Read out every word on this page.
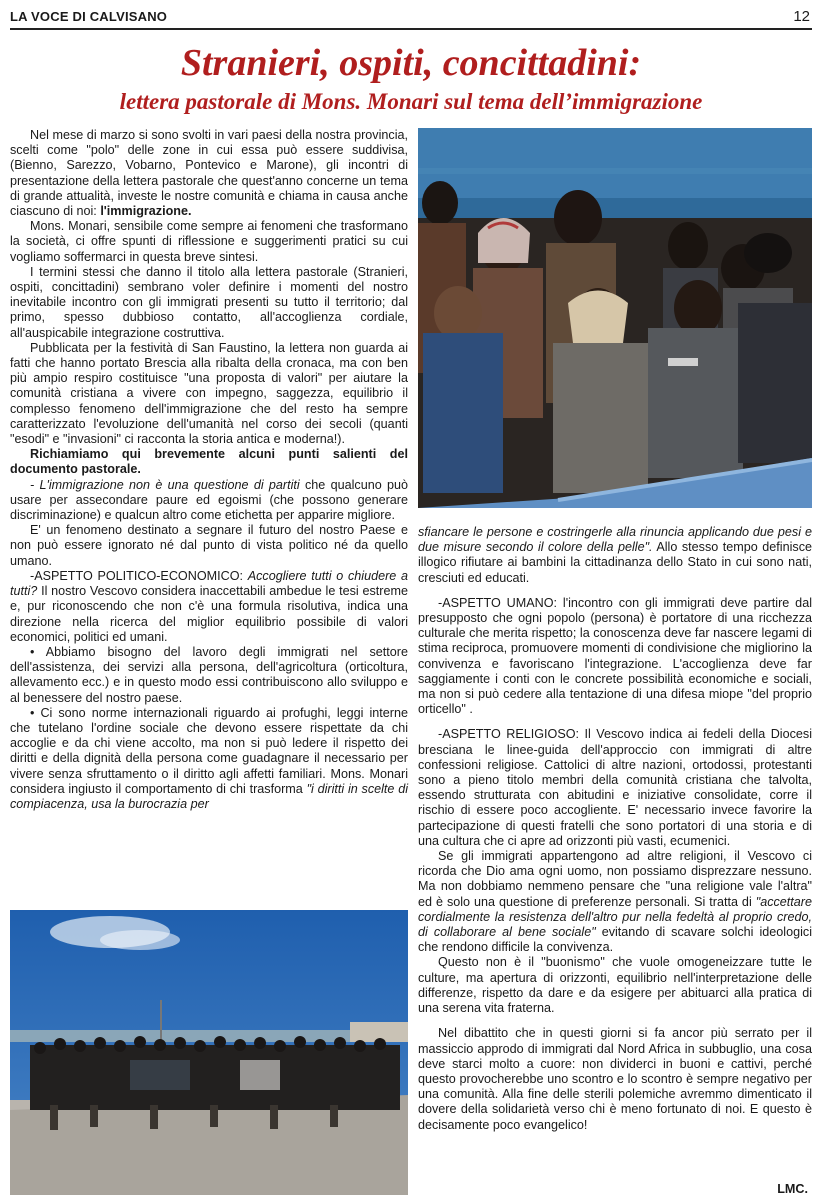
LA VOCE DI CALVISANO	12
Stranieri, ospiti, concittadini:
lettera pastorale di Mons. Monari sul tema dell’immigrazione

Nel mese di marzo si sono svolti in vari paesi della nostra provincia, scelti come "polo" delle zone in cui essa può essere suddivisa, (Bienno, Sarezzo, Vobarno, Pontevico e Marone), gli incontri di presentazione della lettera pastorale che quest'anno concerne un tema di grande attualità, investe le nostre comunità e chiama in causa anche ciascuno di noi: l'immigrazione.

Mons. Monari, sensibile come sempre ai fenomeni che trasformano la società, ci offre spunti di riflessione e suggerimenti pratici su cui vogliamo soffermarci in questa breve sintesi.

I termini stessi che danno il titolo alla lettera pastorale (Stranieri, ospiti, concittadini) sembrano voler definire i momenti del nostro inevitabile incontro con gli immigrati presenti su tutto il territorio; dal primo, spesso dubbioso contatto, all'accoglienza cordiale, all'auspicabile integrazione costruttiva.

Pubblicata per la festività di San Faustino, la lettera non guarda ai fatti che hanno portato Brescia alla ribalta della cronaca, ma con ben più ampio respiro costituisce "una proposta di valori" per aiutare la comunità cristiana a vivere con impegno, saggezza, equilibrio il complesso fenomeno dell'immigrazione che del resto ha sempre caratterizzato l'evoluzione dell'umanità nel corso dei secoli (quanti "esodi" e "invasioni" ci racconta la storia antica e moderna!).

Richiamiamo qui brevemente alcuni punti salienti del documento pastorale.

- L'immigrazione non è una questione di partiti che qualcuno può usare per assecondare paure ed egoismi (che possono generare discriminazione) e qualcun altro come etichetta per apparire migliore.

E' un fenomeno destinato a segnare il futuro del nostro Paese e non può essere ignorato né dal punto di vista politico né da quello umano.

-ASPETTO POLITICO-ECONOMICO: Accogliere tutti o chiudere a tutti? Il nostro Vescovo considera inaccettabili ambedue le tesi estreme e, pur riconoscendo che non c'è una formula risolutiva, indica una direzione nella ricerca del miglior equilibrio possibile di valori economici, politici ed umani.

• Abbiamo bisogno del lavoro degli immigrati nel settore dell'assistenza, dei servizi alla persona, dell'agricoltura (orticoltura, allevamento ecc.) e in questo modo essi contribuiscono allo sviluppo e al benessere del nostro paese.

• Ci sono norme internazionali riguardo ai profughi, leggi interne che tutelano l'ordine sociale che devono essere rispettate da chi accoglie e da chi viene accolto, ma non si può ledere il rispetto dei diritti e della dignità della persona come guadagnare il necessario per vivere senza sfruttamento o il diritto agli affetti familiari. Mons. Monari considera ingiusto il comportamento di chi trasforma "i diritti in scelte di compiacenza, usa la burocrazia per

sfiancare le persone e costringerle alla rinuncia applicando due pesi e due misure secondo il colore della pelle". Allo stesso tempo definisce illogico rifiutare ai bambini la cittadinanza dello Stato in cui sono nati, cresciuti ed educati.

-ASPETTO UMANO: l'incontro con gli immigrati deve partire dal presupposto che ogni popolo (persona) è portatore di una ricchezza culturale che merita rispetto; la conoscenza deve far nascere legami di stima reciproca, promuovere momenti di condivisione che migliorino la convivenza e favoriscano l'integrazione. L'accoglienza deve far saggiamente i conti con le concrete possibilità economiche e sociali, ma non si può cedere alla tentazione di una difesa miope "del proprio orticello" .

-ASPETTO RELIGIOSO: Il Vescovo indica ai fedeli della Diocesi bresciana le linee-guida dell'approccio con immigrati di altre confessioni religiose. Cattolici di altre nazioni, ortodossi, protestanti sono a pieno titolo membri della comunità cristiana che talvolta, essendo strutturata con abitudini e iniziative consolidate, corre il rischio di essere poco accogliente. E' necessario invece favorire la partecipazione di questi fratelli che sono portatori di una storia e di una cultura che ci apre ad orizzonti più vasti, ecumenici.

Se gli immigrati appartengono ad altre religioni, il Vescovo ci ricorda che Dio ama ogni uomo, non possiamo disprezzare nessuno. Ma non dobbiamo nemmeno pensare che "una religione vale l'altra" ed è solo una questione di preferenze personali. Si tratta di "accettare cordialmente la resistenza dell'altro pur nella fedeltà al proprio credo, di collaborare al bene sociale" evitando di scavare solchi ideologici che rendono difficile la convivenza.

Questo non è il "buonismo" che vuole omogeneizzare tutte le culture, ma apertura di orizzonti, equilibrio nell'interpretazione delle differenze, rispetto da dare e da esigere per abituarci alla pratica di una serena vita fraterna.

Nel dibattito che in questi giorni si fa ancor più serrato per il massiccio approdo di immigrati dal Nord Africa in subbuglio, una cosa deve starci molto a cuore: non dividerci in buoni e cattivi, perché questo provocherebbe uno scontro e lo scontro è sempre negativo per una comunità. Alla fine delle sterili polemiche avremmo dimenticato il dovere della solidarietà verso chi è meno fortunato di noi. E questo è decisamente poco evangelico!

LMC.
